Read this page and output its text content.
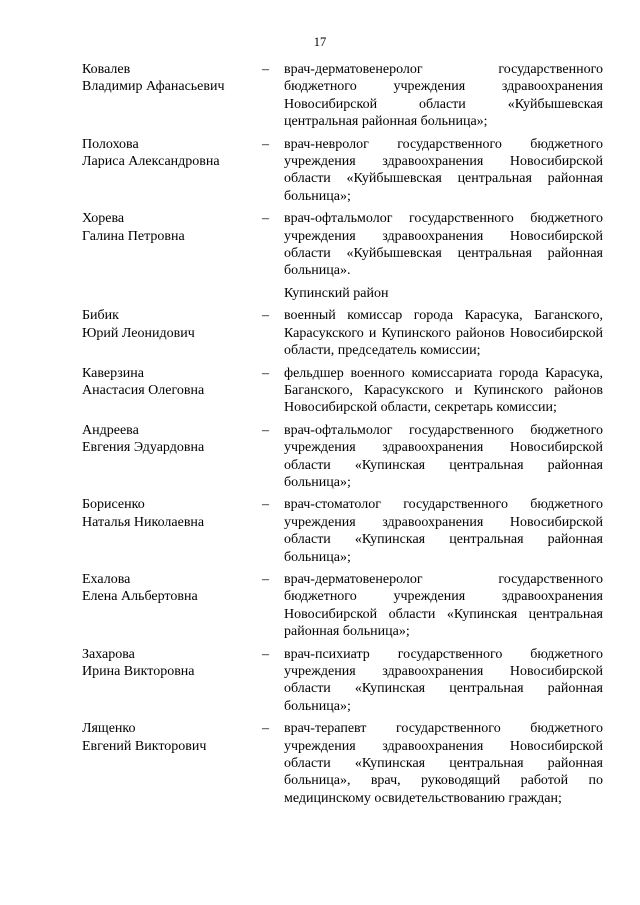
17
Ковалев
Владимир Афанасьевич
–	врач-дерматовенеролог государственного бюджетного учреждения здравоохранения Новосибирской области «Куйбышевская центральная районная больница»;
Полохова
Лариса Александровна
–	врач-невролог государственного бюджетного учреждения здравоохранения Новосибирской области «Куйбышевская центральная районная больница»;
Хорева
Галина Петровна
–	врач-офтальмолог государственного бюджетного учреждения здравоохранения Новосибирской области «Куйбышевская центральная районная больница».
Купинский район
Бибик
Юрий Леонидович
–	военный комиссар города Карасука, Баганского, Карасукского и Купинского районов Новосибирской области, председатель комиссии;
Каверзина
Анастасия Олеговна
–	фельдшер военного комиссариата города Карасука, Баганского, Карасукского и Купинского районов Новосибирской области, секретарь комиссии;
Андреева
Евгения Эдуардовна
–	врач-офтальмолог государственного бюджетного учреждения здравоохранения Новосибирской области «Купинская центральная районная больница»;
Борисенко
Наталья Николаевна
–	врач-стоматолог государственного бюджетного учреждения здравоохранения Новосибирской области «Купинская центральная районная больница»;
Ехалова
Елена Альбертовна
–	врач-дерматовенеролог государственного бюджетного учреждения здравоохранения Новосибирской области «Купинская центральная районная больница»;
Захарова
Ирина Викторовна
–	врач-психиатр государственного бюджетного учреждения здравоохранения Новосибирской области «Купинская центральная районная больница»;
Лященко
Евгений Викторович
–	врач-терапевт государственного бюджетного учреждения здравоохранения Новосибирской области «Купинская центральная районная больница», врач, руководящий работой по медицинскому освидетельствованию граждан;
